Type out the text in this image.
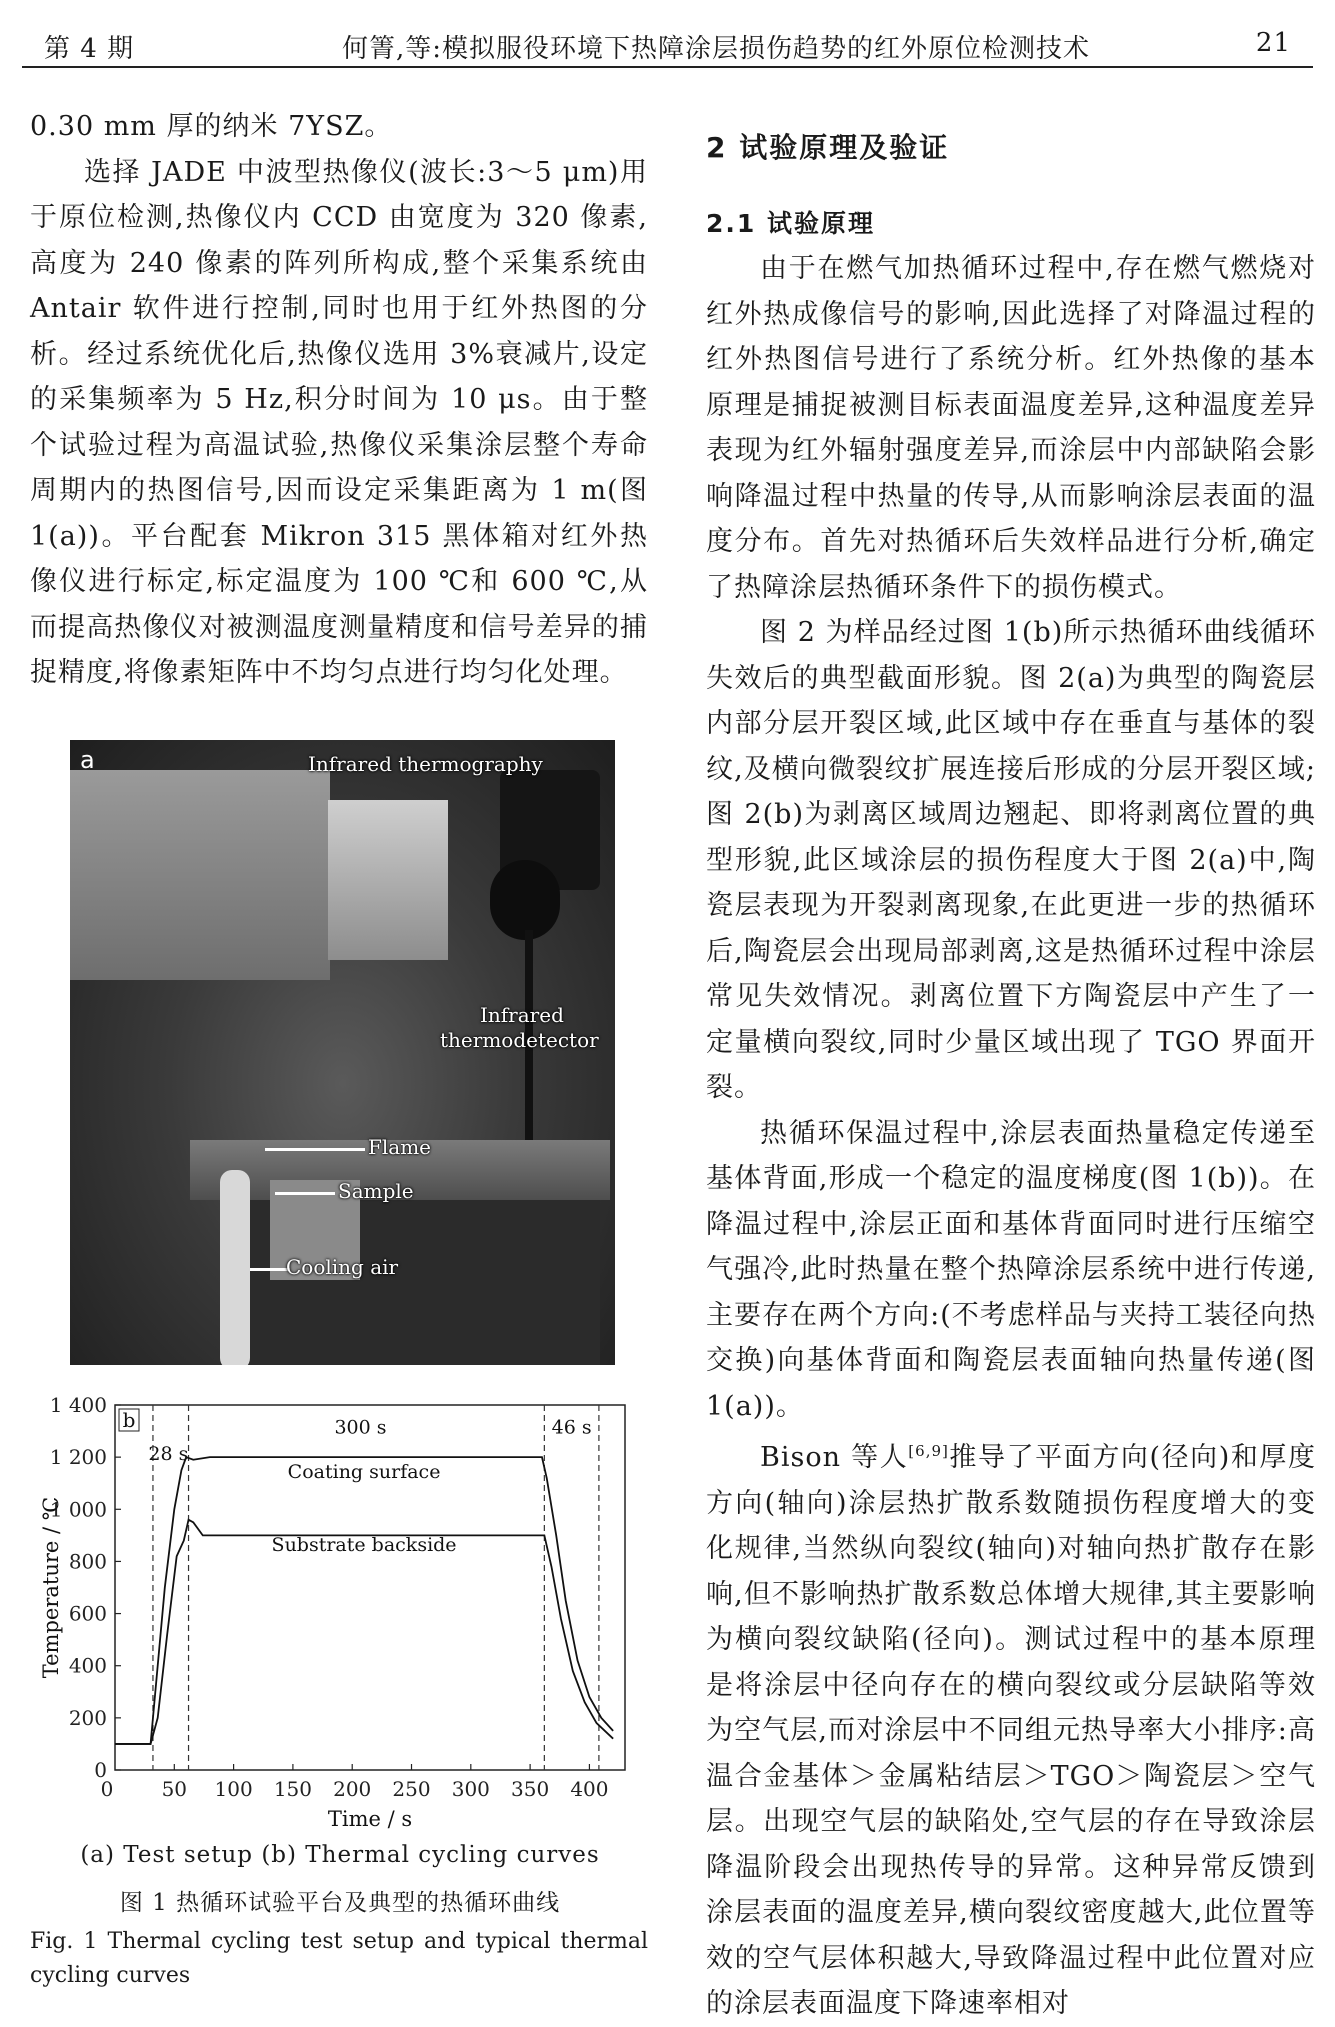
第 4 期	何箐,等:模拟服役环境下热障涂层损伤趋势的红外原位检测技术	21

0.30 mm 厚的纳米 7YSZ。

选择 JADE 中波型热像仪(波长:3～5 μm)用于原位检测,热像仪内 CCD 由宽度为 320 像素,高度为 240 像素的阵列所构成,整个采集系统由 Antair 软件进行控制,同时也用于红外热图的分析。经过系统优化后,热像仪选用 3%衰减片,设定的采集频率为 5 Hz,积分时间为 10 μs。由于整个试验过程为高温试验,热像仪采集涂层整个寿命周期内的热图信号,因而设定采集距离为 1 m(图 1(a))。平台配套 Mikron 315 黑体箱对红外热像仪进行标定,标定温度为 100 ℃和 600 ℃,从而提高热像仪对被测温度测量精度和信号差异的捕捉精度,将像素矩阵中不均匀点进行均匀化处理。

a	Infrared thermography
Infrared
thermodetector
Flame
Sample
Cooling air
50 100 150 200 250 300 350 400
0
0
200
400
600
800
1 000
1 200
1 400
Coating surface
Substrate backside
28 s
300 s	46 s
b
Time / s
Temperature / ℃
(a) Test setup (b) Thermal cycling curves
图 1 热循环试验平台及典型的热循环曲线
Fig. 1 Thermal cycling test setup and typical thermal cycling curves
2 试验原理及验证
2.1 试验原理

由于在燃气加热循环过程中,存在燃气燃烧对红外热成像信号的影响,因此选择了对降温过程的红外热图信号进行了系统分析。红外热像的基本原理是捕捉被测目标表面温度差异,这种温度差异表现为红外辐射强度差异,而涂层中内部缺陷会影响降温过程中热量的传导,从而影响涂层表面的温度分布。首先对热循环后失效样品进行分析,确定了热障涂层热循环条件下的损伤模式。

图 2 为样品经过图 1(b)所示热循环曲线循环失效后的典型截面形貌。图 2(a)为典型的陶瓷层内部分层开裂区域,此区域中存在垂直与基体的裂纹,及横向微裂纹扩展连接后形成的分层开裂区域;图 2(b)为剥离区域周边翘起、即将剥离位置的典型形貌,此区域涂层的损伤程度大于图 2(a)中,陶瓷层表现为开裂剥离现象,在此更进一步的热循环后,陶瓷层会出现局部剥离,这是热循环过程中涂层常见失效情况。剥离位置下方陶瓷层中产生了一定量横向裂纹,同时少量区域出现了 TGO 界面开裂。

热循环保温过程中,涂层表面热量稳定传递至基体背面,形成一个稳定的温度梯度(图 1(b))。在降温过程中,涂层正面和基体背面同时进行压缩空气强冷,此时热量在整个热障涂层系统中进行传递,主要存在两个方向:(不考虑样品与夹持工装径向热交换)向基体背面和陶瓷层表面轴向热量传递(图 1(a))。

Bison 等人[6,9]推导了平面方向(径向)和厚度方向(轴向)涂层热扩散系数随损伤程度增大的变化规律,当然纵向裂纹(轴向)对轴向热扩散存在影响,但不影响热扩散系数总体增大规律,其主要影响为横向裂纹缺陷(径向)。测试过程中的基本原理是将涂层中径向存在的横向裂纹或分层缺陷等效为空气层,而对涂层中不同组元热导率大小排序:高温合金基体＞金属粘结层＞TGO＞陶瓷层＞空气层。出现空气层的缺陷处,空气层的存在导致涂层降温阶段会出现热传导的异常。这种异常反馈到涂层表面的温度差异,横向裂纹密度越大,此位置等效的空气层体积越大,导致降温过程中此位置对应的涂层表面温度下降速率相对
